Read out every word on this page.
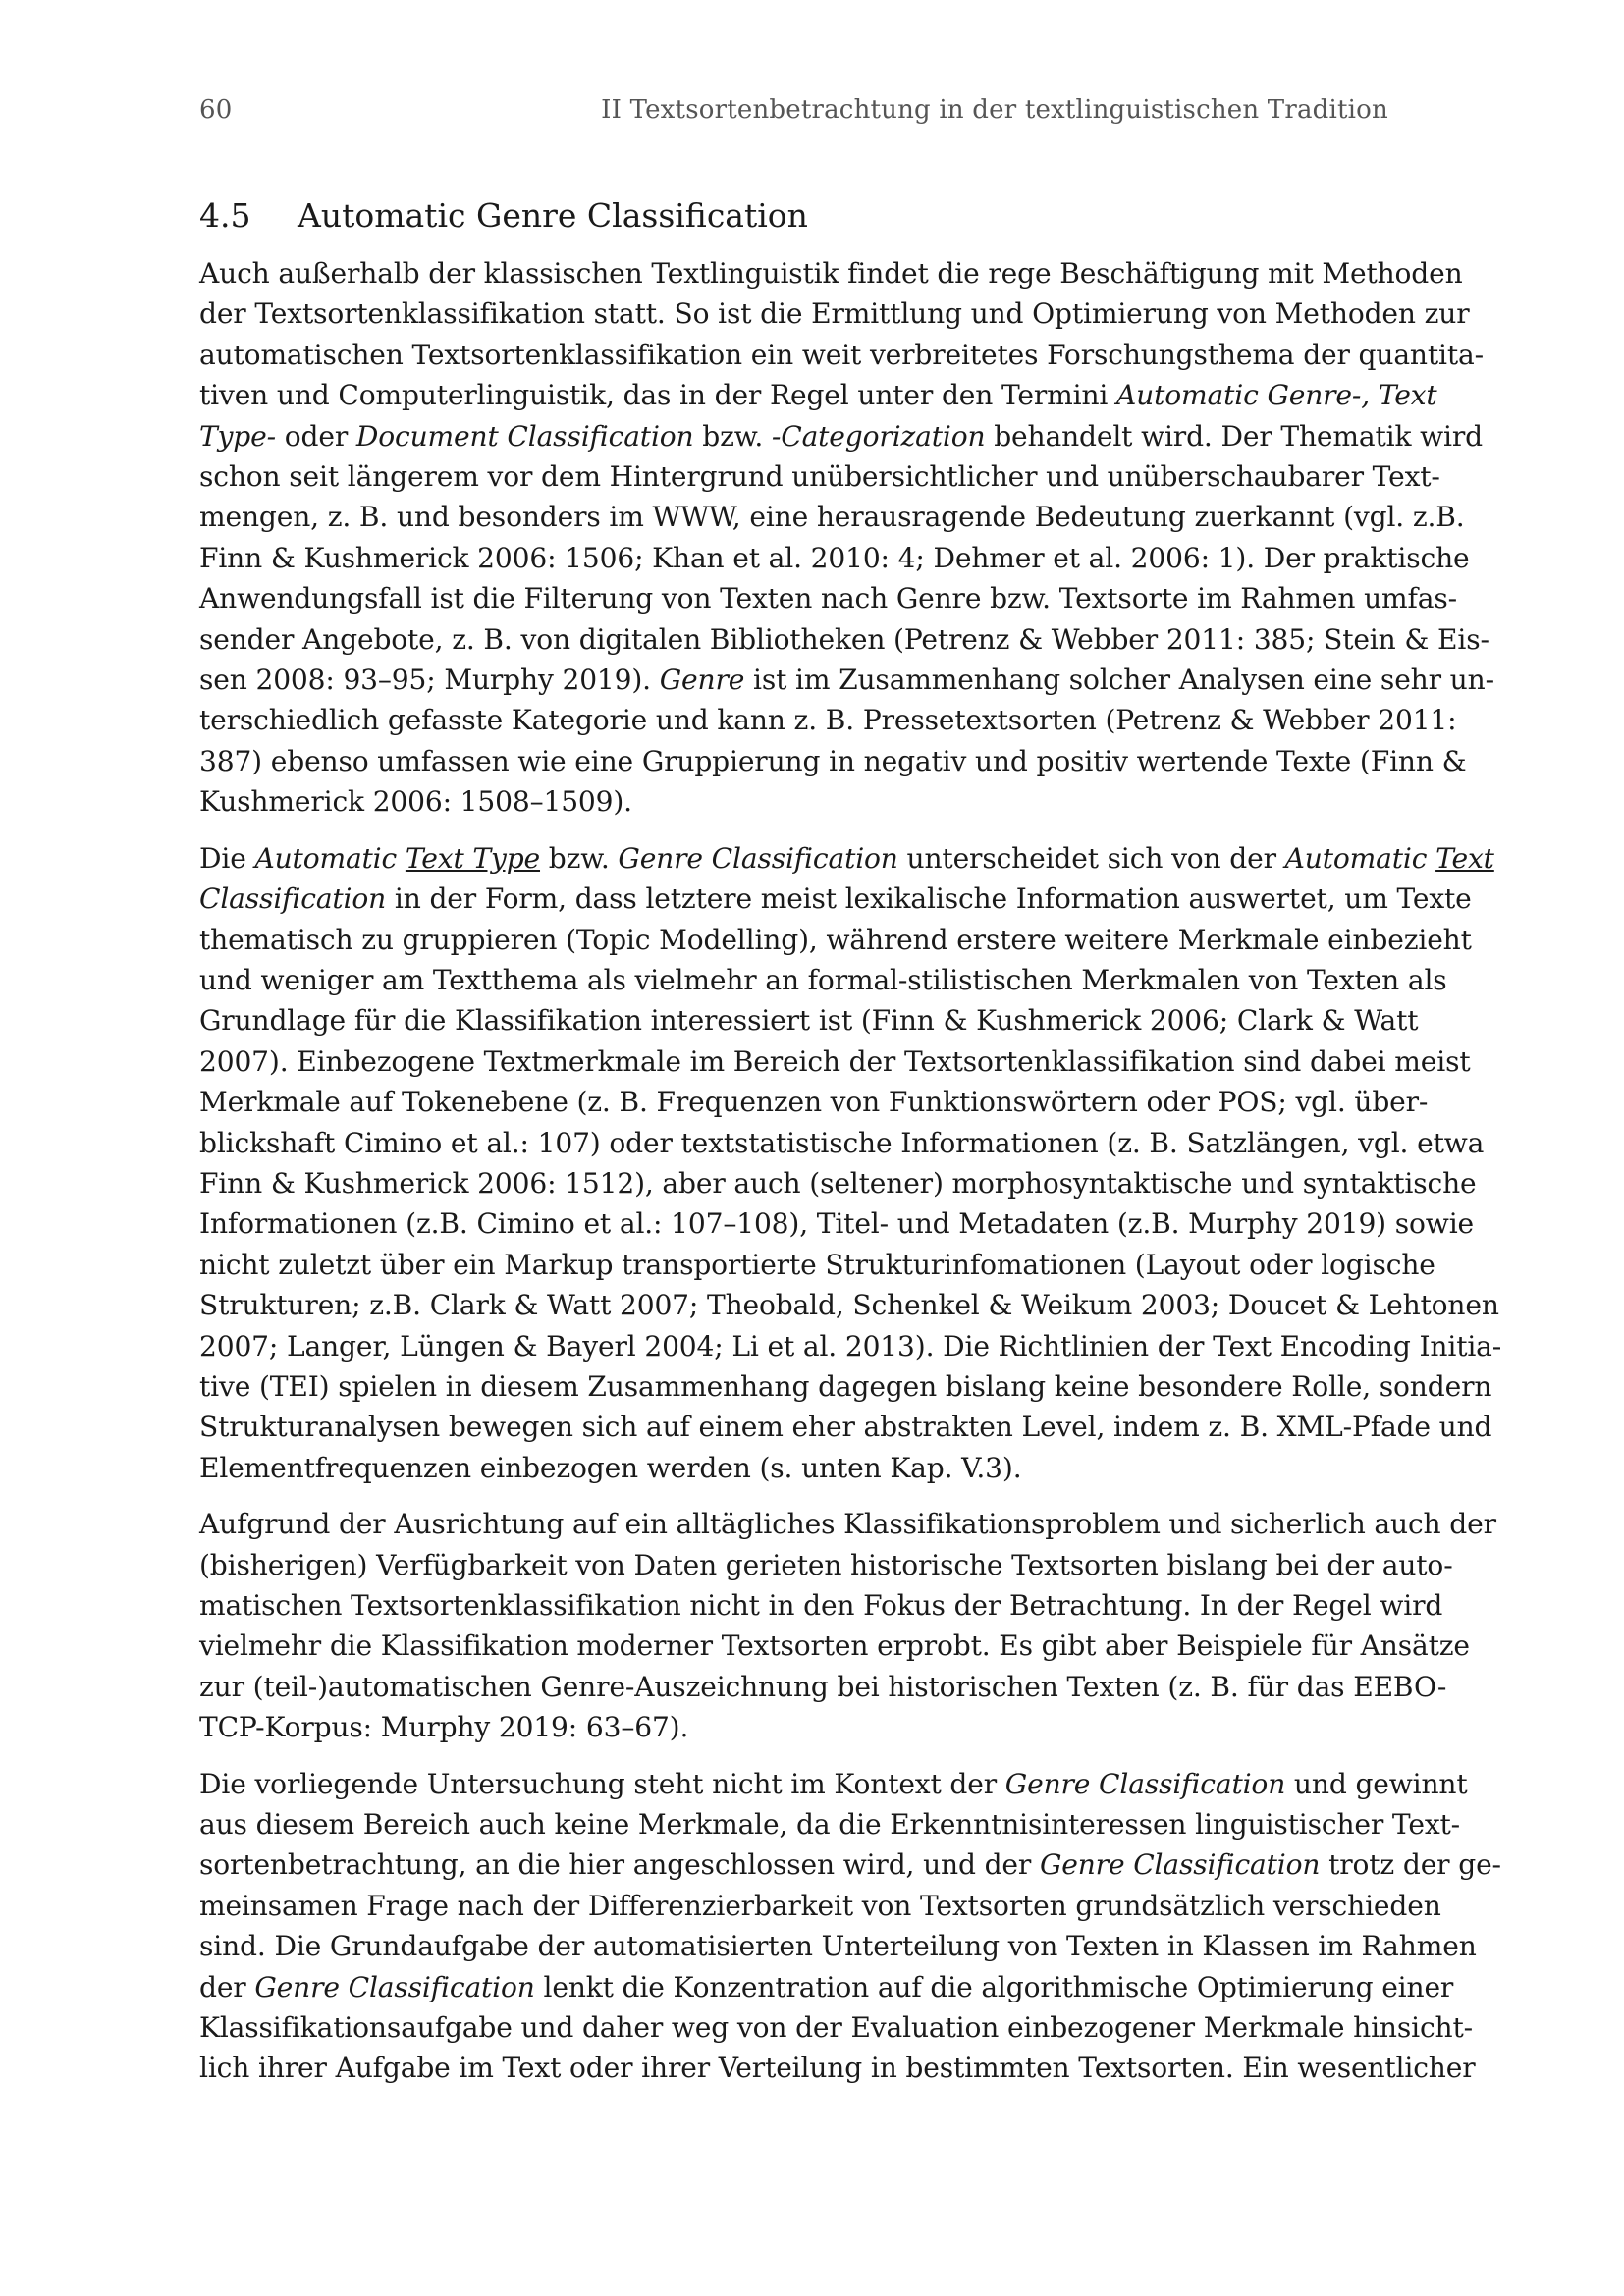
60	II Textsortenbetrachtung in der textlinguistischen Tradition
4.5 Automatic Genre Classification
Auch außerhalb der klassischen Textlinguistik findet die rege Beschäftigung mit Methoden
der Textsortenklassifikation statt. So ist die Ermittlung und Optimierung von Methoden zur
automatischen Textsortenklassifikation ein weit verbreitetes Forschungsthema der quantita-
tiven und Computerlinguistik, das in der Regel unter den Termini Automatic Genre-, Text
Type- oder Document Classification bzw. -Categorization behandelt wird. Der Thematik wird
schon seit längerem vor dem Hintergrund unübersichtlicher und unüberschaubarer Text-
mengen, z. B. und besonders im WWW, eine herausragende Bedeutung zuerkannt (vgl. z.B.
Finn & Kushmerick 2006: 1506; Khan et al. 2010: 4; Dehmer et al. 2006: 1). Der praktische
Anwendungsfall ist die Filterung von Texten nach Genre bzw. Textsorte im Rahmen umfas-
sender Angebote, z. B. von digitalen Bibliotheken (Petrenz & Webber 2011: 385; Stein & Eis-
sen 2008: 93–95; Murphy 2019). Genre ist im Zusammenhang solcher Analysen eine sehr un-
terschiedlich gefasste Kategorie und kann z. B. Pressetextsorten (Petrenz & Webber 2011:
387) ebenso umfassen wie eine Gruppierung in negativ und positiv wertende Texte (Finn &
Kushmerick 2006: 1508–1509).
Die Automatic Text Type bzw. Genre Classification unterscheidet sich von der Automatic Text
Classification in der Form, dass letztere meist lexikalische Information auswertet, um Texte
thematisch zu gruppieren (Topic Modelling), während erstere weitere Merkmale einbezieht
und weniger am Textthema als vielmehr an formal-stilistischen Merkmalen von Texten als
Grundlage für die Klassifikation interessiert ist (Finn & Kushmerick 2006; Clark & Watt
2007). Einbezogene Textmerkmale im Bereich der Textsortenklassifikation sind dabei meist
Merkmale auf Tokenebene (z. B. Frequenzen von Funktionswörtern oder POS; vgl. über-
blickshaft Cimino et al.: 107) oder textstatistische Informationen (z. B. Satzlängen, vgl. etwa
Finn & Kushmerick 2006: 1512), aber auch (seltener) morphosyntaktische und syntaktische
Informationen (z.B. Cimino et al.: 107–108), Titel- und Metadaten (z.B. Murphy 2019) sowie
nicht zuletzt über ein Markup transportierte Strukturinfomationen (Layout oder logische
Strukturen; z.B. Clark & Watt 2007; Theobald, Schenkel & Weikum 2003; Doucet & Lehtonen
2007; Langer, Lüngen & Bayerl 2004; Li et al. 2013). Die Richtlinien der Text Encoding Initia-
tive (TEI) spielen in diesem Zusammenhang dagegen bislang keine besondere Rolle, sondern
Strukturanalysen bewegen sich auf einem eher abstrakten Level, indem z. B. XML-Pfade und
Elementfrequenzen einbezogen werden (s. unten Kap. V.3).
Aufgrund der Ausrichtung auf ein alltägliches Klassifikationsproblem und sicherlich auch der
(bisherigen) Verfügbarkeit von Daten gerieten historische Textsorten bislang bei der auto-
matischen Textsortenklassifikation nicht in den Fokus der Betrachtung. In der Regel wird
vielmehr die Klassifikation moderner Textsorten erprobt. Es gibt aber Beispiele für Ansätze
zur (teil-)automatischen Genre-Auszeichnung bei historischen Texten (z. B. für das EEBO-
TCP-Korpus: Murphy 2019: 63–67).
Die vorliegende Untersuchung steht nicht im Kontext der Genre Classification und gewinnt
aus diesem Bereich auch keine Merkmale, da die Erkenntnisinteressen linguistischer Text-
sortenbetrachtung, an die hier angeschlossen wird, und der Genre Classification trotz der ge-
meinsamen Frage nach der Differenzierbarkeit von Textsorten grundsätzlich verschieden
sind. Die Grundaufgabe der automatisierten Unterteilung von Texten in Klassen im Rahmen
der Genre Classification lenkt die Konzentration auf die algorithmische Optimierung einer
Klassifikationsaufgabe und daher weg von der Evaluation einbezogener Merkmale hinsicht-
lich ihrer Aufgabe im Text oder ihrer Verteilung in bestimmten Textsorten. Ein wesentlicher
